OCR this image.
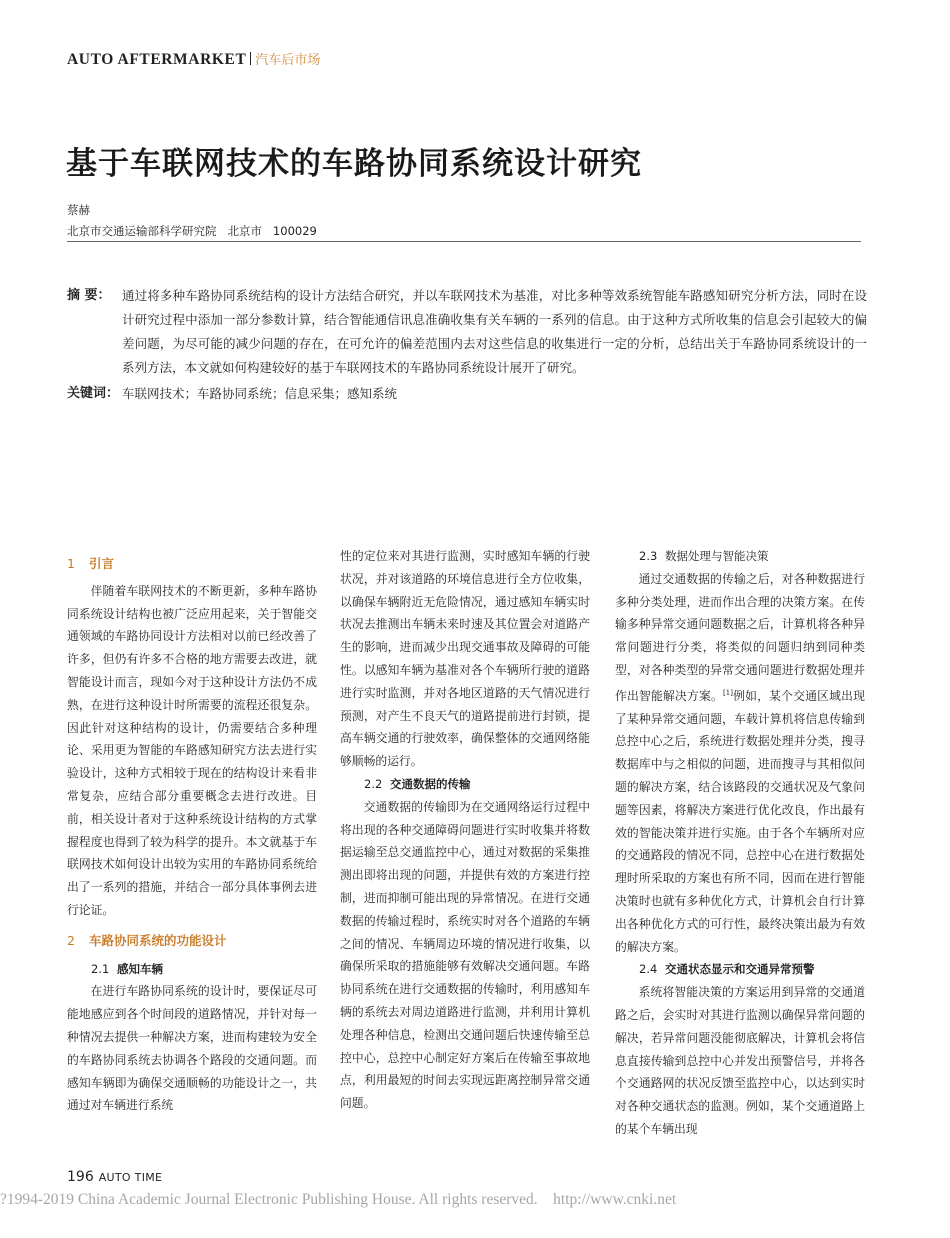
AUTO AFTERMARKET 汽车后市场
基于车联网技术的车路协同系统设计研究
蔡赫
北京市交通运输部科学研究院   北京市   100029
摘 要： 通过将多种车路协同系统结构的设计方法结合研究，并以车联网技术为基准，对比多种等效系统智能车路感知研究分析方法，同时在设计研究过程中添加一部分参数计算，结合智能通信讯息准确收集有关车辆的一系列的信息。由于这种方式所收集的信息会引起较大的偏差问题，为尽可能的减少问题的存在，在可允许的偏差范围内去对这些信息的收集进行一定的分析，总结出关于车路协同系统设计的一系列方法，本文就如何构建较好的基于车联网技术的车路协同系统设计展开了研究。
关键词： 车联网技术；车路协同系统；信息采集；感知系统
1 引言

伴随着车联网技术的不断更新，多种车路协同系统设计结构也被广泛应用起来，关于智能交通领域的车路协同设计方法相对以前已经改善了许多，但仍有许多不合格的地方需要去改进，就智能设计而言，现如今对于这种设计方法仍不成熟，在进行这种设计时所需要的流程还很复杂。因此针对这种结构的设计，仍需要结合多种理论、采用更为智能的车路感知研究方法去进行实验设计，这种方式相较于现在的结构设计来看非常复杂，应结合部分重要概念去进行改进。目前，相关设计者对于这种系统设计结构的方式掌握程度也得到了较为科学的提升。本文就基于车联网技术如何设计出较为实用的车路协同系统给出了一系列的措施，并结合一部分具体事例去进行论证。

2 车路协同系统的功能设计
2.1 感知车辆

在进行车路协同系统的设计时，要保证尽可能地感应到各个时间段的道路情况，并针对每一种情况去提供一种解决方案，进而构建较为安全的车路协同系统去协调各个路段的交通问题。而感知车辆即为确保交通顺畅的功能设计之一，共通过对车辆进行系统

性的定位来对其进行监测，实时感知车辆的行驶状况，并对该道路的环境信息进行全方位收集，以确保车辆附近无危险情况，通过感知车辆实时状况去推测出车辆未来时速及其位置会对道路产生的影响，进而减少出现交通事故及障碍的可能性。以感知车辆为基准对各个车辆所行驶的道路进行实时监测，并对各地区道路的天气情况进行预测，对产生不良天气的道路提前进行封锁，提高车辆交通的行驶效率，确保整体的交通网络能够顺畅的运行。

2.2 交通数据的传输

交通数据的传输即为在交通网络运行过程中将出现的各种交通障碍问题进行实时收集并将数据运输至总交通监控中心，通过对数据的采集推测出即将出现的问题，并提供有效的方案进行控制，进而抑制可能出现的异常情况。在进行交通数据的传输过程时，系统实时对各个道路的车辆之间的情况、车辆周边环境的情况进行收集，以确保所采取的措施能够有效解决交通问题。车路协同系统在进行交通数据的传输时，利用感知车辆的系统去对周边道路进行监测，并利用计算机处理各种信息，检测出交通问题后快速传输至总控中心，总控中心制定好方案后在传输至事故地点，利用最短的时间去实现远距离控制异常交通问题。

2.3 数据处理与智能决策

通过交通数据的传输之后，对各种数据进行多种分类处理，进而作出合理的决策方案。在传输多种异常交通问题数据之后，计算机将各种异常问题进行分类，将类似的问题归纳到同种类型，对各种类型的异常交通问题进行数据处理并作出智能解决方案。[1]例如，某个交通区域出现了某种异常交通问题，车载计算机将信息传输到总控中心之后，系统进行数据处理并分类，搜寻数据库中与之相似的问题，进而搜寻与其相似问题的解决方案，结合该路段的交通状况及气象问题等因素，将解决方案进行优化改良，作出最有效的智能决策并进行实施。由于各个车辆所对应的交通路段的情况不同，总控中心在进行数据处理时所采取的方案也有所不同，因而在进行智能决策时也就有多种优化方式，计算机会自行计算出各种优化方式的可行性，最终决策出最为有效的解决方案。

2.4 交通状态显示和交通异常预警

系统将智能决策的方案运用到异常的交通道路之后，会实时对其进行监测以确保异常问题的解决，若异常问题没能彻底解决，计算机会将信息直接传输到总控中心并发出预警信号，并将各个交通路网的状况反馈至监控中心，以达到实时对各种交通状态的监测。例如，某个交通道路上的某个车辆出现

196 AUTO TIME
?1994-2019 China Academic Journal Electronic Publishing House. All rights reserved.    http://www.cnki.net
